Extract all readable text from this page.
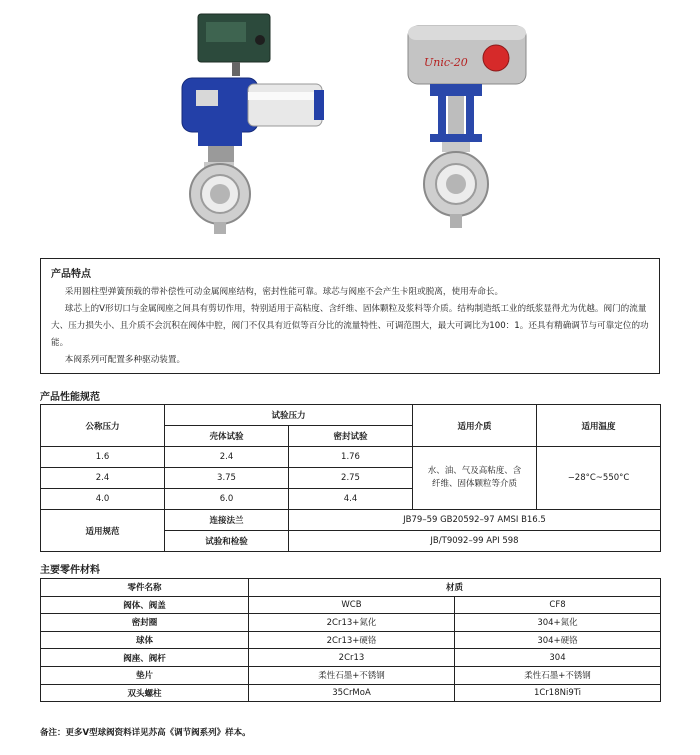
Unic-20
产品特点

采用圆柱型弹簧预载的带补偿性可动金属阀座结构，密封性能可靠。球芯与阀座不会产生卡阻或脱离，使用寿命长。

球芯上的V形切口与金属阀座之间具有剪切作用，特别适用于高粘度、含纤维、固体颗粒及浆料等介质。结构制造纸工业的纸浆显得尤为优越。阀门的流量大、压力损失小、且介质不会沉积在阀体中腔，阀门不仅具有近似等百分比的流量特性、可调范围大，最大可调比为100：1。还具有精确调节与可靠定位的功能。

本阀系列可配置多种驱动装置。

产品性能规范
公称压力	试验压力		适用介质	适用温度
	壳体试验	密封试验		
1.6	2.4	1.76	水、油、气及高粘度、含纤维、固体颗粒等介质	−28°C~550°C
2.4	3.75	2.75		
4.0	6.0	4.4		
适用规范	连接法兰	JB79–59 GB20592–97 AMSI B16.5		
	试验和检验	JB/T9092–99 API 598		
主要零件材料
零件名称	材质	
阀体、阀盖	WCB	CF8
密封圈	2Cr13+氮化	304+氮化
球体	2Cr13+硬铬	304+硬铬
阀座、阀杆	2Cr13	304
垫片	柔性石墨+不锈钢	柔性石墨+不锈钢
双头螺柱	35CrMoA	1Cr18Ni9Ti
备注：更多V型球阀资料详见苏高《调节阀系列》样本。
